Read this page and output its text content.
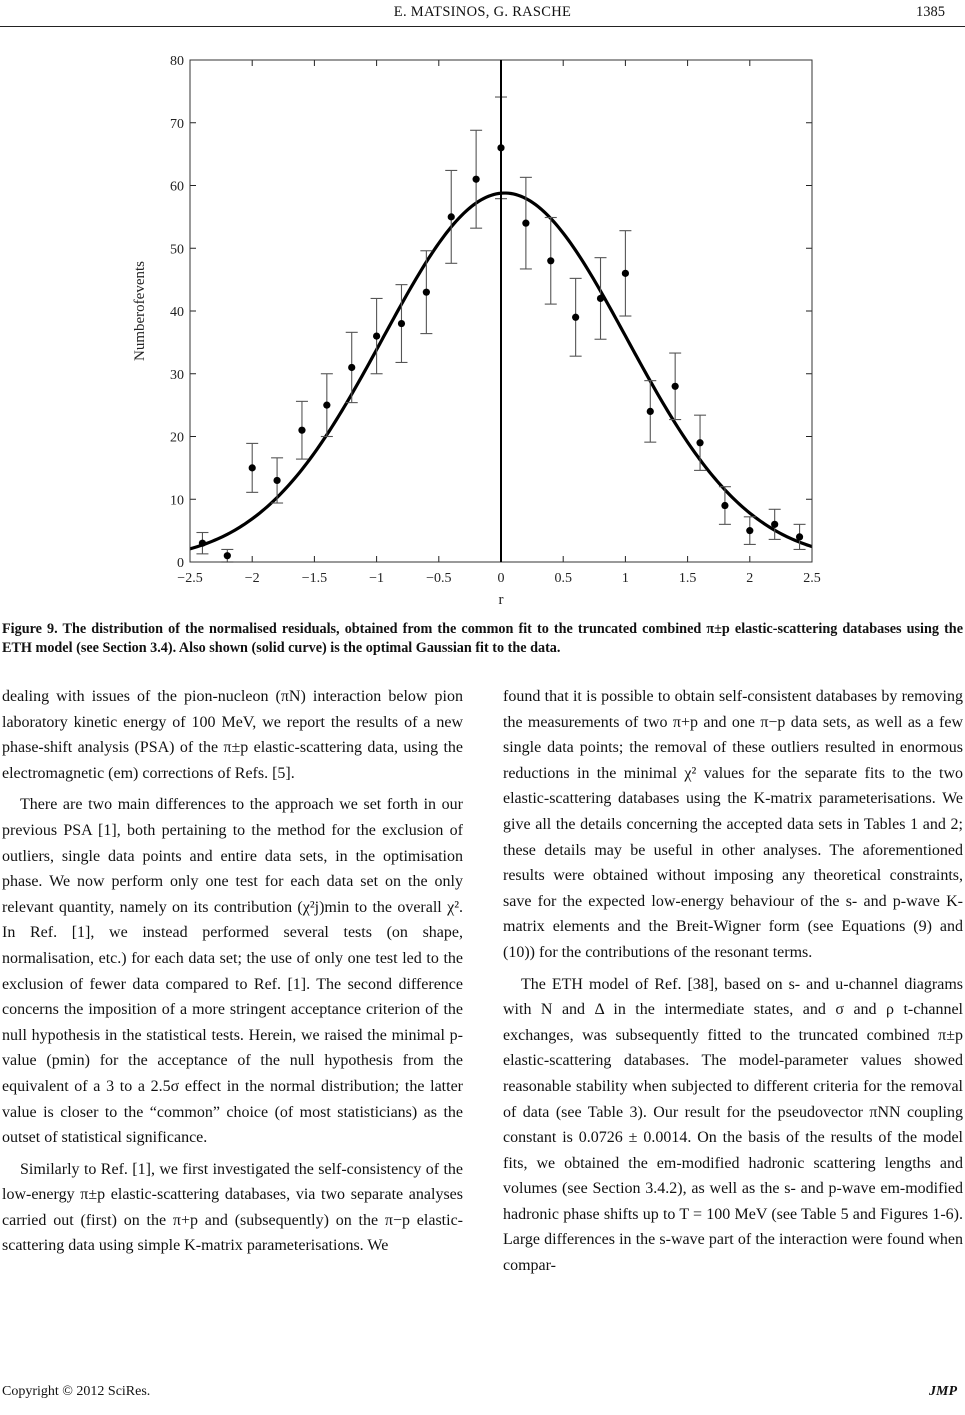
E. MATSINOS, G. RASCHE	1385
0
10
20
30
40
50
60
70
80
−2.5	−2	−1.5	−1	−0.5	0	0.5	1	1.5	2	2.5
r
Numberofevents
Figure 9. The distribution of the normalised residuals, obtained from the common fit to the truncated combined π±p elastic-scattering databases using the ETH model (see Section 3.4). Also shown (solid curve) is the optimal Gaussian fit to the data.

dealing with issues of the pion-nucleon (πN) interaction below pion laboratory kinetic energy of 100 MeV, we report the results of a new phase-shift analysis (PSA) of the π±p elastic-scattering data, using the electromagnetic (em) corrections of Refs. [5].

There are two main differences to the approach we set forth in our previous PSA [1], both pertaining to the method for the exclusion of outliers, single data points and entire data sets, in the optimisation phase. We now perform only one test for each data set on the only relevant quantity, namely on its contribution (χ²j)min to the overall χ². In Ref. [1], we instead performed several tests (on shape, normalisation, etc.) for each data set; the use of only one test led to the exclusion of fewer data compared to Ref. [1]. The second difference concerns the imposition of a more stringent acceptance criterion of the null hypothesis in the statistical tests. Herein, we raised the minimal p-value (pmin) for the acceptance of the null hypothesis from the equivalent of a 3 to a 2.5σ effect in the normal distribution; the latter value is closer to the “common” choice (of most statisticians) as the outset of statistical significance.

Similarly to Ref. [1], we first investigated the self-consistency of the low-energy π±p elastic-scattering databases, via two separate analyses carried out (first) on the π+p and (subsequently) on the π−p elastic-scattering data using simple K-matrix parameterisations. We

found that it is possible to obtain self-consistent databases by removing the measurements of two π+p and one π−p data sets, as well as a few single data points; the removal of these outliers resulted in enormous reductions in the minimal χ² values for the separate fits to the two elastic-scattering databases using the K-matrix parameterisations. We give all the details concerning the accepted data sets in Tables 1 and 2; these details may be useful in other analyses. The aforementioned results were obtained without imposing any theoretical constraints, save for the expected low-energy behaviour of the s- and p-wave K-matrix elements and the Breit-Wigner form (see Equations (9) and (10)) for the contributions of the resonant terms.

The ETH model of Ref. [38], based on s- and u-channel diagrams with N and Δ in the intermediate states, and σ and ρ t-channel exchanges, was subsequently fitted to the truncated combined π±p elastic-scattering databases. The model-parameter values showed reasonable stability when subjected to different criteria for the removal of data (see Table 3). Our result for the pseudovector πNN coupling constant is 0.0726 ± 0.0014. On the basis of the results of the model fits, we obtained the em-modified hadronic scattering lengths and volumes (see Section 3.4.2), as well as the s- and p-wave em-modified hadronic phase shifts up to T = 100 MeV (see Table 5 and Figures 1-6). Large differences in the s-wave part of the interaction were found when compar-

Copyright © 2012 SciRes.	JMP
